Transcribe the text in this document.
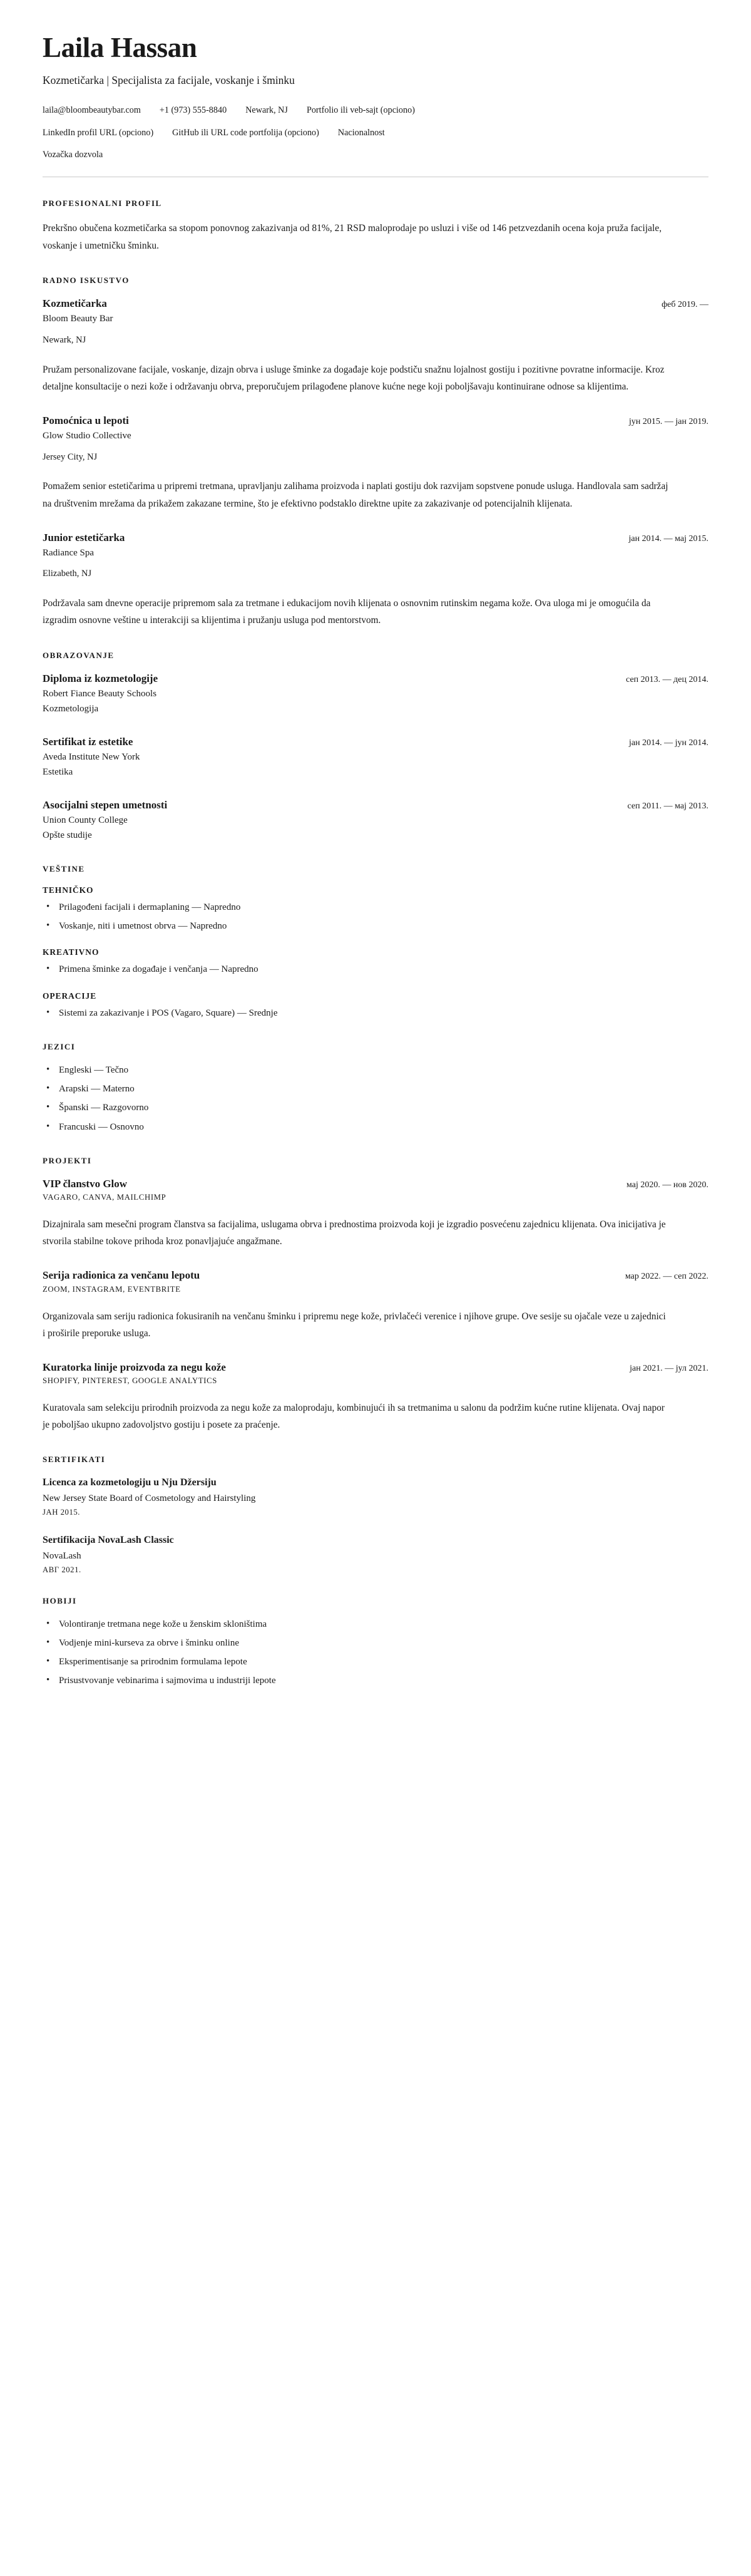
Laila Hassan

Kozmetičarka | Specijalista za facijale, voskanje i šminku

laila@bloombeautybar.com +1 (973) 555-8840 Newark, NJ Portfolio ili veb-sajt (opciono)
LinkedIn profil URL (opciono) GitHub ili URL code portfolija (opciono) Nacionalnost
Vozačka dozvola
PROFESIONALNI PROFIL

Prekršno obučena kozmetičarka sa stopom ponovnog zakazivanja od 81%, 21 RSD maloprodaje po usluzi i više od 146 petzvezdanih ocena koja pruža facijale, voskanje i umetničku šminku.

RADNO ISKUSTVO
Kozmetičarka	феб 2019. —

Bloom Beauty Bar

Newark, NJ

Pružam personalizovane facijale, voskanje, dizajn obrva i usluge šminke za događaje koje podstiču snažnu lojalnost gostiju i pozitivne povratne informacije. Kroz detaljne konsultacije o nezi kože i održavanju obrva, preporučujem prilagođene planove kućne nege koji poboljšavaju kontinuirane odnose sa klijentima.

Pomoćnica u lepoti	јун 2015. — јан 2019.

Glow Studio Collective

Jersey City, NJ

Pomažem senior estetičarima u pripremi tretmana, upravljanju zalihama proizvoda i naplati gostiju dok razvijam sopstvene ponude usluga. Handlovala sam sadržaj na društvenim mrežama da prikažem zakazane termine, što je efektivno podstaklo direktne upite za zakazivanje od potencijalnih klijenata.

Junior estetičarka	јан 2014. — мај 2015.

Radiance Spa

Elizabeth, NJ

Podržavala sam dnevne operacije pripremom sala za tretmane i edukacijom novih klijenata o osnovnim rutinskim negama kože. Ova uloga mi je omogućila da izgradim osnovne veštine u interakciji sa klijentima i pružanju usluga pod mentorstvom.

OBRAZOVANJE
Diploma iz kozmetologije	сеп 2013. — дец 2014.

Robert Fiance Beauty Schools

Kozmetologija

Sertifikat iz estetike	јан 2014. — јун 2014.

Aveda Institute New York

Estetika

Asocijalni stepen umetnosti	сеп 2011. — мај 2013.

Union County College

Opšte studije

VEŠTINE
TEHNIČKO
• Prilagođeni facijali i dermaplaning — Napredno
• Voskanje, niti i umetnost obrva — Napredno
KREATIVNO
• Primena šminke za događaje i venčanja — Napredno
OPERACIJE
• Sistemi za zakazivanje i POS (Vagaro, Square) — Srednje
JEZICI
• Engleski — Tečno
• Arapski — Materno
• Španski — Razgovorno
• Francuski — Osnovno
PROJEKTI
VIP članstvo Glow	мај 2020. — нов 2020.

VAGARO, CANVA, MAILCHIMP

Dizajnirala sam mesečni program članstva sa facijalima, uslugama obrva i prednostima proizvoda koji je izgradio posvećenu zajednicu klijenata. Ova inicijativa je stvorila stabilne tokove prihoda kroz ponavljajuće angažmane.

Serija radionica za venčanu lepotu	мар 2022. — сеп 2022.

ZOOM, INSTAGRAM, EVENTBRITE

Organizovala sam seriju radionica fokusiranih na venčanu šminku i pripremu nege kože, privlačeći verenice i njihove grupe. Ove sesije su ojačale veze u zajednici i proširile preporuke usluga.

Kuratorka linije proizvoda za negu kože	јан 2021. — јул 2021.

SHOPIFY, PINTEREST, GOOGLE ANALYTICS

Kuratovala sam selekciju prirodnih proizvoda za negu kože za maloprodaju, kombinujući ih sa tretmanima u salonu da podržim kućne rutine klijenata. Ovaj napor je poboljšao ukupno zadovoljstvo gostiju i posete za praćenje.

SERTIFIKATI
Licenca za kozmetologiju u Nju Džersiju

New Jersey State Board of Cosmetology and Hairstyling

ЈАН 2015.

Sertifikacija NovaLash Classic

NovaLash

АВГ 2021.

HOBIJI
• Volontiranje tretmana nege kože u ženskim skloništima
• Vodjenje mini-kurseva za obrve i šminku online
• Eksperimentisanje sa prirodnim formulama lepote
• Prisustvovanje vebinarima i sajmovima u industriji lepote
